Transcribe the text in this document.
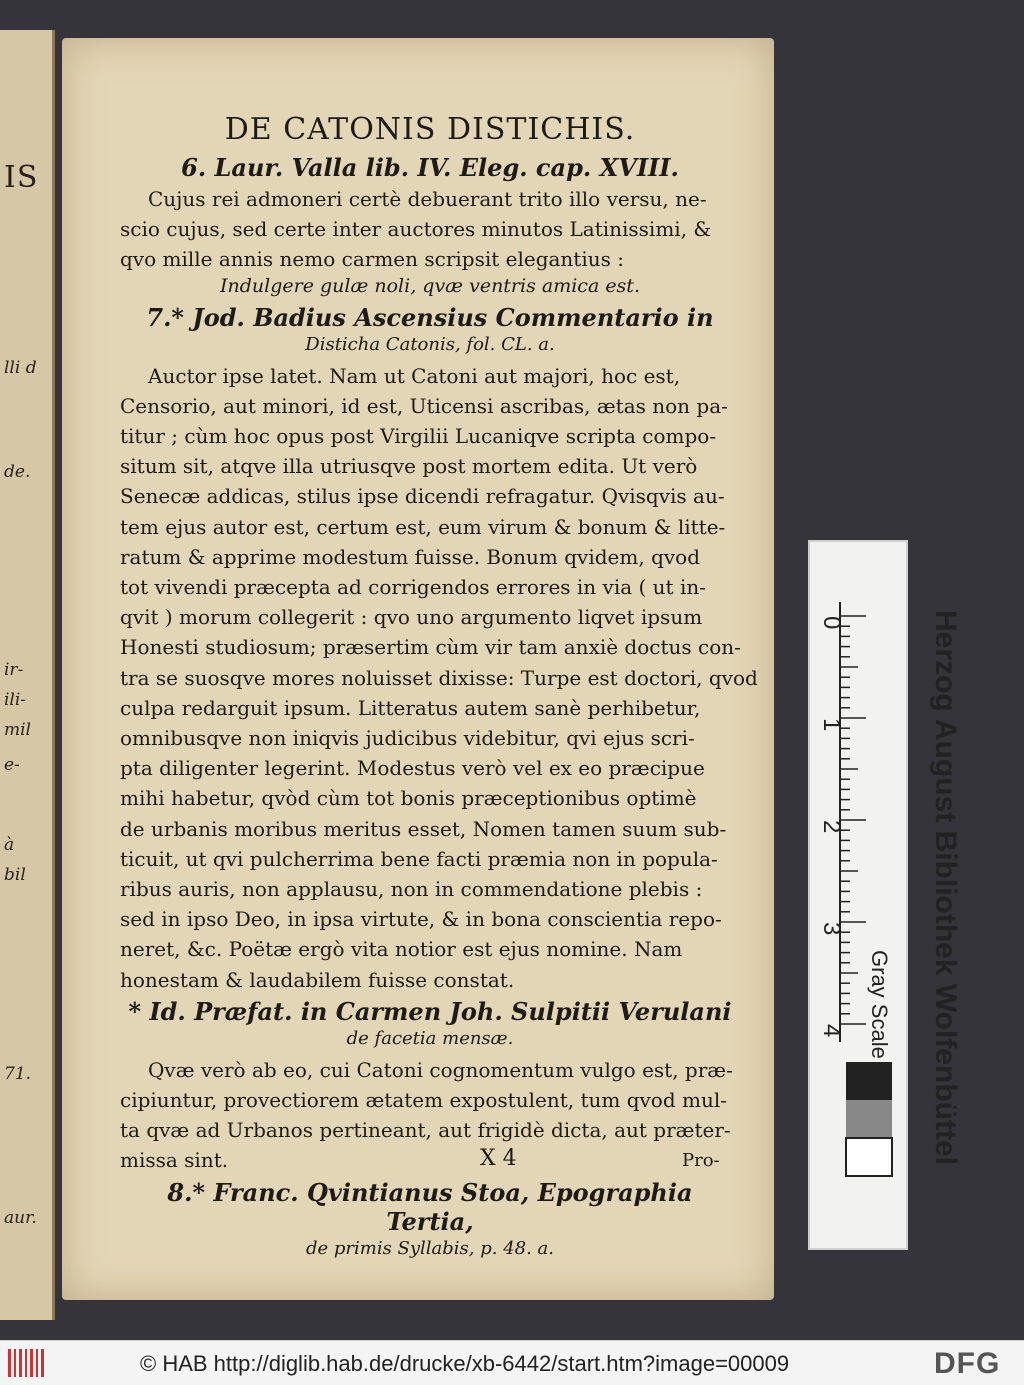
IS
lli d
de.
ir-
ili-
mil
e-
à
bil
71.
aur.
DE CATONIS DISTICHIS.
6. Laur. Valla lib. IV. Eleg. cap. XVIII.
Cujus rei admoneri certè debuerant trito illo versu, ne-
scio cujus, sed certe inter auctores minutos Latinissimi, &
qvo mille annis nemo carmen scripsit elegantius :
Indulgere gulæ noli, qvæ ventris amica est.
7.* Jod. Badius Ascensius Commentario in
Disticha Catonis, fol. CL. a.
Auctor ipse latet. Nam ut Catoni aut majori, hoc est,
Censorio, aut minori, id est, Uticensi ascribas, ætas non pa-
titur ; cùm hoc opus post Virgilii Lucaniqve scripta compo-
situm sit, atqve illa utriusqve post mortem edita. Ut verò
Senecæ addicas, stilus ipse dicendi refragatur. Qvisqvis au-
tem ejus autor est, certum est, eum virum & bonum & litte-
ratum & apprime modestum fuisse. Bonum qvidem, qvod
tot vivendi præcepta ad corrigendos errores in via ( ut in-
qvit ) morum collegerit : qvo uno argumento liqvet ipsum
Honesti studiosum; præsertim cùm vir tam anxiè doctus con-
tra se suosqve mores noluisset dixisse: Turpe est doctori, qvod
culpa redarguit ipsum. Litteratus autem sanè perhibetur,
omnibusqve non iniqvis judicibus videbitur, qvi ejus scri-
pta diligenter legerint. Modestus verò vel ex eo præcipue
mihi habetur, qvòd cùm tot bonis præceptionibus optimè
de urbanis moribus meritus esset, Nomen tamen suum sub-
ticuit, ut qvi pulcherrima bene facti præmia non in popula-
ribus auris, non applausu, non in commendatione plebis :
sed in ipso Deo, in ipsa virtute, & in bona conscientia repo-
neret, &c. Poëtæ ergò vita notior est ejus nomine. Nam
honestam & laudabilem fuisse constat.
* Id. Præfat. in Carmen Joh. Sulpitii Verulani
de facetia mensæ.
Qvæ verò ab eo, cui Catoni cognomentum vulgo est, præ-
cipiuntur, provectiorem ætatem expostulent, tum qvod mul-
ta qvæ ad Urbanos pertineant, aut frigidè dicta, aut præter-
missa sint.
8.* Franc. Qvintianus Stoa, Epographia Tertia,
de primis Syllabis, p. 48. a.
X 4	Pro-
0
1
2
3
4 Gray Scale Herzog August Bibliothek Wolfenbüttel
© HAB http://diglib.hab.de/drucke/xb-6442/start.htm?image=00009	DFG
